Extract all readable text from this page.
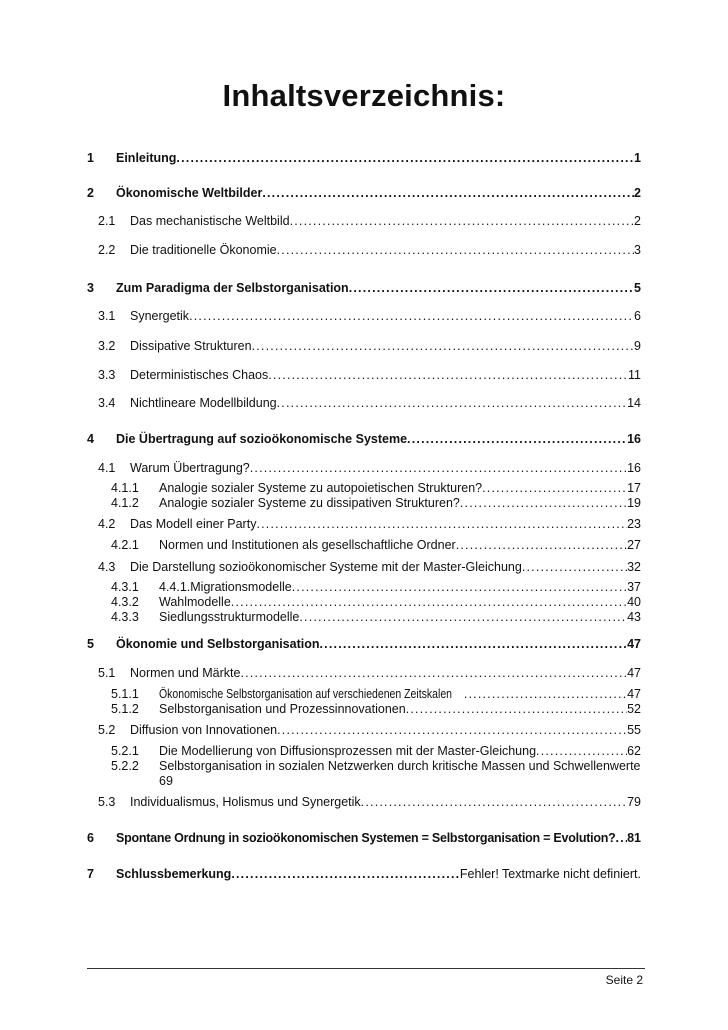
Inhaltsverzeichnis:
1	Einleitung .....	1
2	Ökonomische Weltbilder .....	2
2.1	Das mechanistische Weltbild .....	2
2.2	Die traditionelle Ökonomie .....	3
3	Zum Paradigma der Selbstorganisation .....	5
3.1	Synergetik .....	6
3.2	Dissipative Strukturen .....	9
3.3	Deterministisches Chaos .....	11
3.4	Nichtlineare Modellbildung .....	14
4	Die Übertragung auf sozioökonomische Systeme .....	16
4.1	Warum Übertragung? .....	16
4.1.1	Analogie sozialer Systeme zu autopoietischen Strukturen? .....	17
4.1.2	Analogie sozialer Systeme zu dissipativen Strukturen? .....	19
4.2	Das Modell einer Party .....	23
4.2.1	Normen und Institutionen als gesellschaftliche Ordner .....	27
4.3	Die Darstellung sozioökonomischer Systeme mit der Master-Gleichung .....	32
4.3.1	4.4.1.Migrationsmodelle .....	37
4.3.2	Wahlmodelle .....	40
4.3.3	Siedlungsstrukturmodelle .....	43
5	Ökonomie und Selbstorganisation .....	47
5.1	Normen und Märkte .....	47
5.1.1	Ökonomische Selbstorganisation auf verschiedenen Zeitskalen .....	47
5.1.2	Selbstorganisation und Prozessinnovationen .....	52
5.2	Diffusion von Innovationen .....	55
5.2.1	Die Modellierung von Diffusionsprozessen mit der Master-Gleichung .....	62
5.2.2	Selbstorganisation in sozialen Netzwerken durch kritische Massen und Schwellenwerte
69
5.3	Individualismus, Holismus und Synergetik .....	79
6	Spontane Ordnung in sozioökonomischen Systemen = Selbstorganisation = Evolution? ..... 81
7	Schlussbemerkung .....	Fehler! Textmarke nicht definiert.
Seite 2
